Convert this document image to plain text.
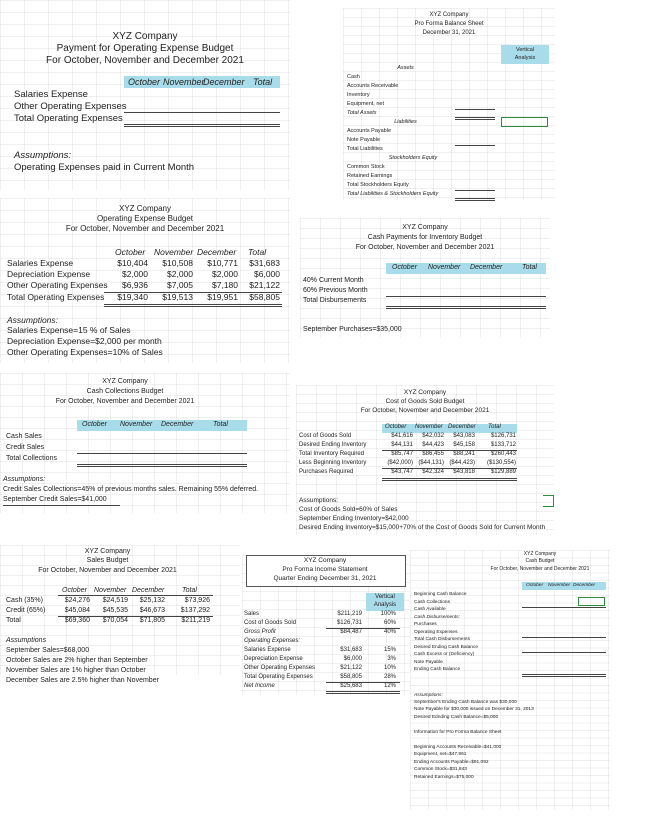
XYZ Company
Payment for Operating Expense Budget
For October, November and December 2021
October November
December Total
Salaries Expense
Other Operating Expenses
Total Operating Expenses
Assumptions:
Operating Expenses paid in Current Month
XYZ Company
Pro Forma Balance Sheet
December 31, 2021
Vertical
Analysis
Assets
Cash
Accounts Receivable
Inventory
Equipment, net
Total Assets
Liabilities
Accounts Payable
Note Payable
Total Liabilities
Stockholders Equity
Common Stock
Retained Earnings
Total Stockholders Equity
Total Liabilities & Stockholders Equity
XYZ Company
Operating Expense Budget
For October, November and December 2021
October November December Total
Salaries Expense	$10,404	$10,508	$10,771	$31,683
Depreciation Expense	$2,000	$2,000	$2,000	$6,000
Other Operating Expenses	$6,936	$7,005	$7,180	$21,122
Total Operating Expenses	$19,340	$19,513	$19,951	$58,805
Assumptions:
Salaries Expense=15 % of Sales
Depreciation Expense=$2,000 per month
Other Operating Expenses=10% of Sales
XYZ Company
Cash Payments for Inventory Budget
For October, November and December 2021
October November December	Total
40% Current Month
60% Previous Month
Total Disbursements
September Purchases=$35,000
XYZ Company
Cash Collections Budget
For October, November and December 2021
October November December	Total
Cash Sales
Credit Sales
Total Collections
Assumptions:
Credit Sales Collections=45% of previous months sales. Remaining 55% deferred.
September Credit Sales=$41,000
XYZ Company
Cost of Goods Sold Budget
For October, November and December 2021
October November December Total
Cost of Goods Sold	$41,616	$42,032	$43,083	$126,731
Desired Ending Inventory	$44,131	$44,423	$45,158	$133,712
Total Inventory Required	$85,747	$86,455	$88,241	$260,443
Less Beginning Inventory	($42,000) ($44,131) ($44,423)	($130,554)
Purchases Required	$43,747	$42,324	$43,818	$129,889
Assumptions:
Cost of Goods Sold=60% of Sales
September Ending Inventory=$42,000
Desired Ending Inventory=$15,000+70% of the Cost of Goods Sold for Current Month
XYZ Company
Sales Budget
For October, November and December 2021
October November December	Total
Cash (35%)	$24,276	$24,519	$25,132	$73,926
Credit (65%)	$45,084	$45,535	$46,673	$137,292
Total	$69,360	$70,054	$71,805	$211,219
Assumptions
September Sales=$68,000
October Sales are 2% higher than September
November Sales are 1% higher than October
December Sales are 2.5% higher than November
XYZ Company
Pro Forma Income Statement
Quarter Ending December 31, 2021
Vertical
Analysis
Sales	$211,219	100%
Cost of Goods Sold	$126,731	60%
Gross Profit	$84,487	40%
Operating Expenses:
Salaries Expense	$31,683	15%
Depreciation Expense	$6,000	3%
Other Operating Expenses	$21,122	10%
Total Operating Expenses	$58,805	28%
Net Income	$25,683	12%
XYZ Company
Cash Budget
For October, November and December 2021
October November December
Beginning Cash Balance
Cash Collections
Cash Available
Cash Disbursements:
Purchases
Operating Expenses
Total Cash Disbursements
Desired Ending Cash Balance
Cash Excess or (Deficiency)
Note Payable
Ending Cash Balance
Assumptions:
September's Ending Cash Balance was $30,000
Note Payable for $30,000 issued on December 31, 2013
Desired Ednding Cash Balance=$5,000
Information for Pro Forma Balance Sheet
Beginning Accounts Receivable=$41,000
Equipment, net=$47,961
Ending Accounts Payable=$91,092
Common Stock=$31,843
Retained Earnings=$75,000
